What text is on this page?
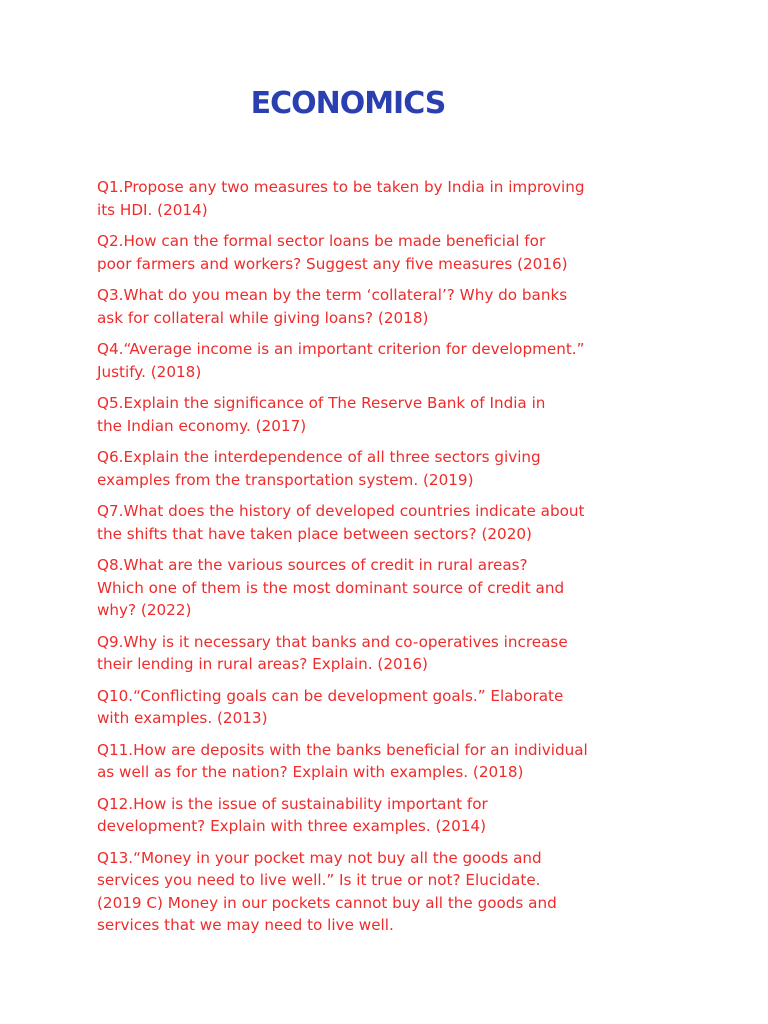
ECONOMICS
Q1.Propose any two measures to be taken by India in improving
its HDI. (2014)
Q2.How can the formal sector loans be made beneficial for
poor farmers and workers? Suggest any five measures (2016)
Q3.What do you mean by the term ‘collateral’? Why do banks
ask for collateral while giving loans? (2018)
Q4.“Average income is an important criterion for development.”
Justify. (2018)
Q5.Explain the significance of The Reserve Bank of India in
the Indian economy. (2017)
Q6.Explain the interdependence of all three sectors giving
examples from the transportation system. (2019)
Q7.What does the history of developed countries indicate about
the shifts that have taken place between sectors? (2020)
Q8.What are the various sources of credit in rural areas?
Which one of them is the most dominant source of credit and
why? (2022)
Q9.Why is it necessary that banks and co-operatives increase
their lending in rural areas? Explain. (2016)
Q10.“Conflicting goals can be development goals.” Elaborate
with examples. (2013)
Q11.How are deposits with the banks beneficial for an individual
as well as for the nation? Explain with examples. (2018)
Q12.How is the issue of sustainability important for
development? Explain with three examples. (2014)
Q13.“Money in your pocket may not buy all the goods and
services you need to live well.” Is it true or not? Elucidate.
(2019 C) Money in our pockets cannot buy all the goods and
services that we may need to live well.
